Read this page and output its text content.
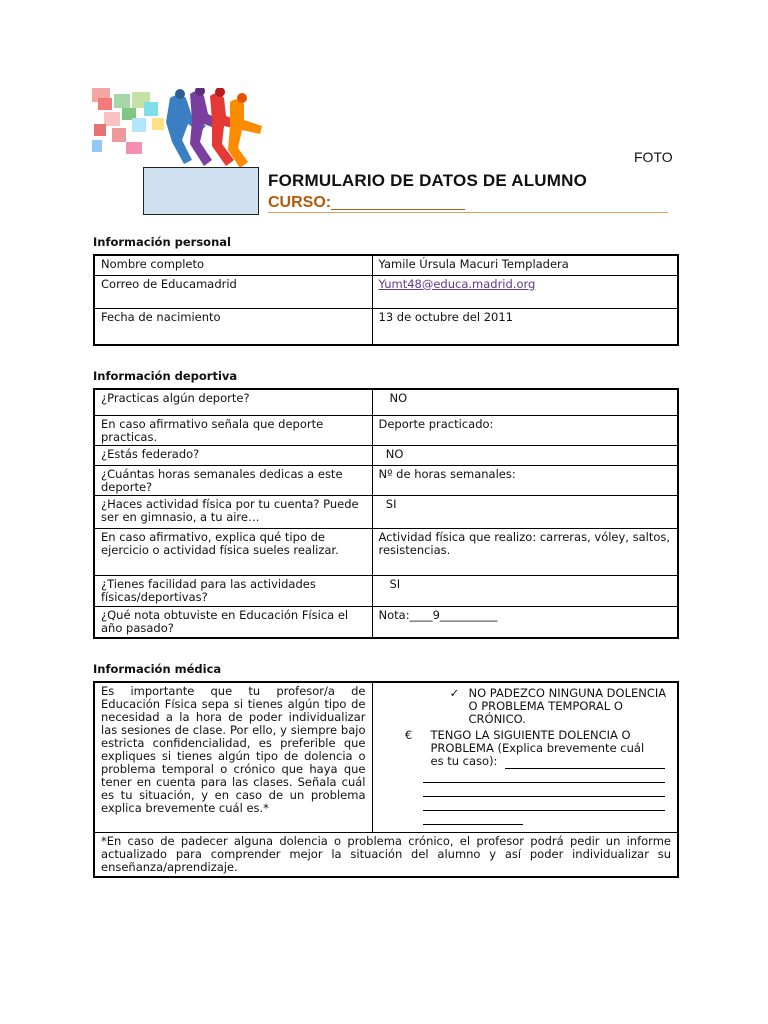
FOTO
FORMULARIO DE DATOS DE ALUMNO
CURSO:
Información personal
Nombre completo	Yamile Úrsula Macuri Templadera
Correo de Educamadrid	Yumt48@educa.madrid.org
Fecha de nacimiento	13 de octubre del 2011
Información deportiva
¿Practicas algún deporte?	NO
En caso afirmativo señala que deporte practicas.	Deporte practicado:
¿Estás federado?	NO
¿Cuántas horas semanales dedicas a este deporte?	Nº de horas semanales:
¿Haces actividad física por tu cuenta? Puede ser en gimnasio, a tu aire…	SI
En caso afirmativo, explica qué tipo de ejercicio o actividad física sueles realizar.	Actividad física que realizo: carreras, vóley, saltos, resistencias.
¿Tienes facilidad para las actividades físicas/deportivas?	SI
¿Qué nota obtuviste en Educación Física el año pasado?	Nota:____9__________
Información médica
Es importante que tu profesor/a de Educación Física sepa si tienes algún tipo de necesidad a la hora de poder individualizar las sesiones de clase. Por ello, y siempre bajo estricta confidencialidad, es preferible que expliques si tienes algún tipo de dolencia o problema temporal o crónico que haya que tener en cuenta para las clases. Señala cuál es tu situación, y en caso de un problema explica brevemente cuál es.*	
✓ NO PADEZCO NINGUNA DOLENCIA O PROBLEMA TEMPORAL O CRÓNICO.
€	TENGO LA SIGUIENTE DOLENCIA O PROBLEMA (Explica brevemente cuál es tu caso):

*En caso de padecer alguna dolencia o problema crónico, el profesor podrá pedir un informe actualizado para comprender mejor la situación del alumno y así poder individualizar su enseñanza/aprendizaje.
